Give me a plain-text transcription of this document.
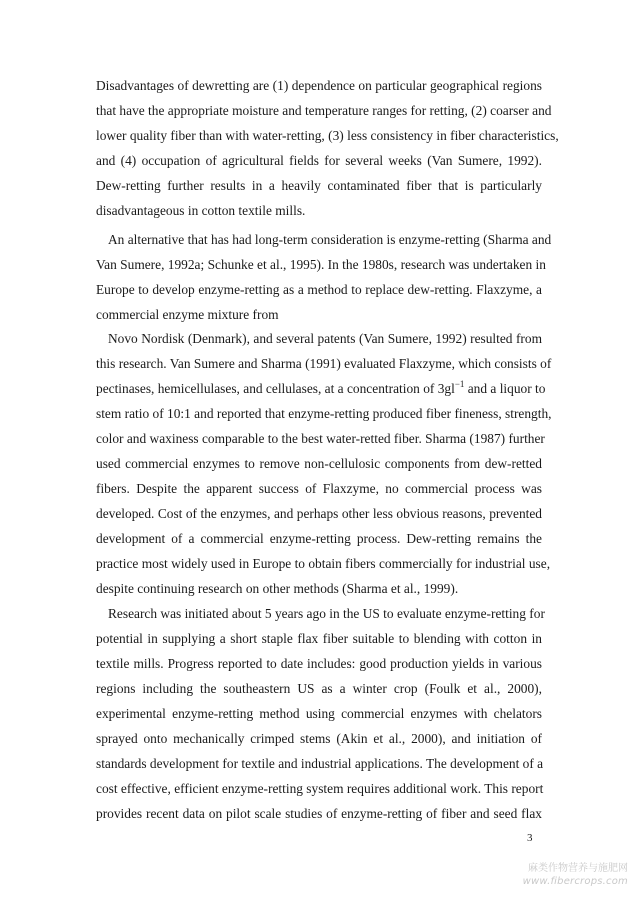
Disadvantages of dewretting are (1) dependence on particular geographical regions
that have the appropriate moisture and temperature ranges for retting, (2) coarser and
lower quality fiber than with water-retting, (3) less consistency in fiber characteristics,
and (4) occupation of agricultural fields for several weeks (Van Sumere, 1992).
Dew-retting further results in a heavily contaminated fiber that is particularly
disadvantageous in cotton textile mills.
An alternative that has had long-term consideration is enzyme-retting (Sharma and
Van Sumere, 1992a; Schunke et al., 1995). In the 1980s, research was undertaken in
Europe to develop enzyme-retting as a method to replace dew-retting. Flaxzyme, a
commercial enzyme mixture from
Novo Nordisk (Denmark), and several patents (Van Sumere, 1992) resulted from
this research. Van Sumere and Sharma (1991) evaluated Flaxzyme, which consists of
pectinases, hemicellulases, and cellulases, at a concentration of $3gl^{-1}$ and a liquor to
stem ratio of 10:1 and reported that enzyme-retting produced fiber fineness, strength,
color and waxiness comparable to the best water-retted fiber. Sharma (1987) further
used commercial enzymes to remove non-cellulosic components from dew-retted
fibers. Despite the apparent success of Flaxzyme, no commercial process was
developed. Cost of the enzymes, and perhaps other less obvious reasons, prevented
development of a commercial enzyme-retting process. Dew-retting remains the
practice most widely used in Europe to obtain fibers commercially for industrial use,
despite continuing research on other methods (Sharma et al., 1999).
Research was initiated about 5 years ago in the US to evaluate enzyme-retting for
potential in supplying a short staple flax fiber suitable to blending with cotton in
textile mills. Progress reported to date includes: good production yields in various
regions including the southeastern US as a winter crop (Foulk et al., 2000),
experimental enzyme-retting method using commercial enzymes with chelators
sprayed onto mechanically crimped stems (Akin et al., 2000), and initiation of
standards development for textile and industrial applications. The development of a
cost effective, efficient enzyme-retting system requires additional work. This report
provides recent data on pilot scale studies of enzyme-retting of fiber and seed flax
3
麻类作物营养与施肥网
www.fibercrops.com
